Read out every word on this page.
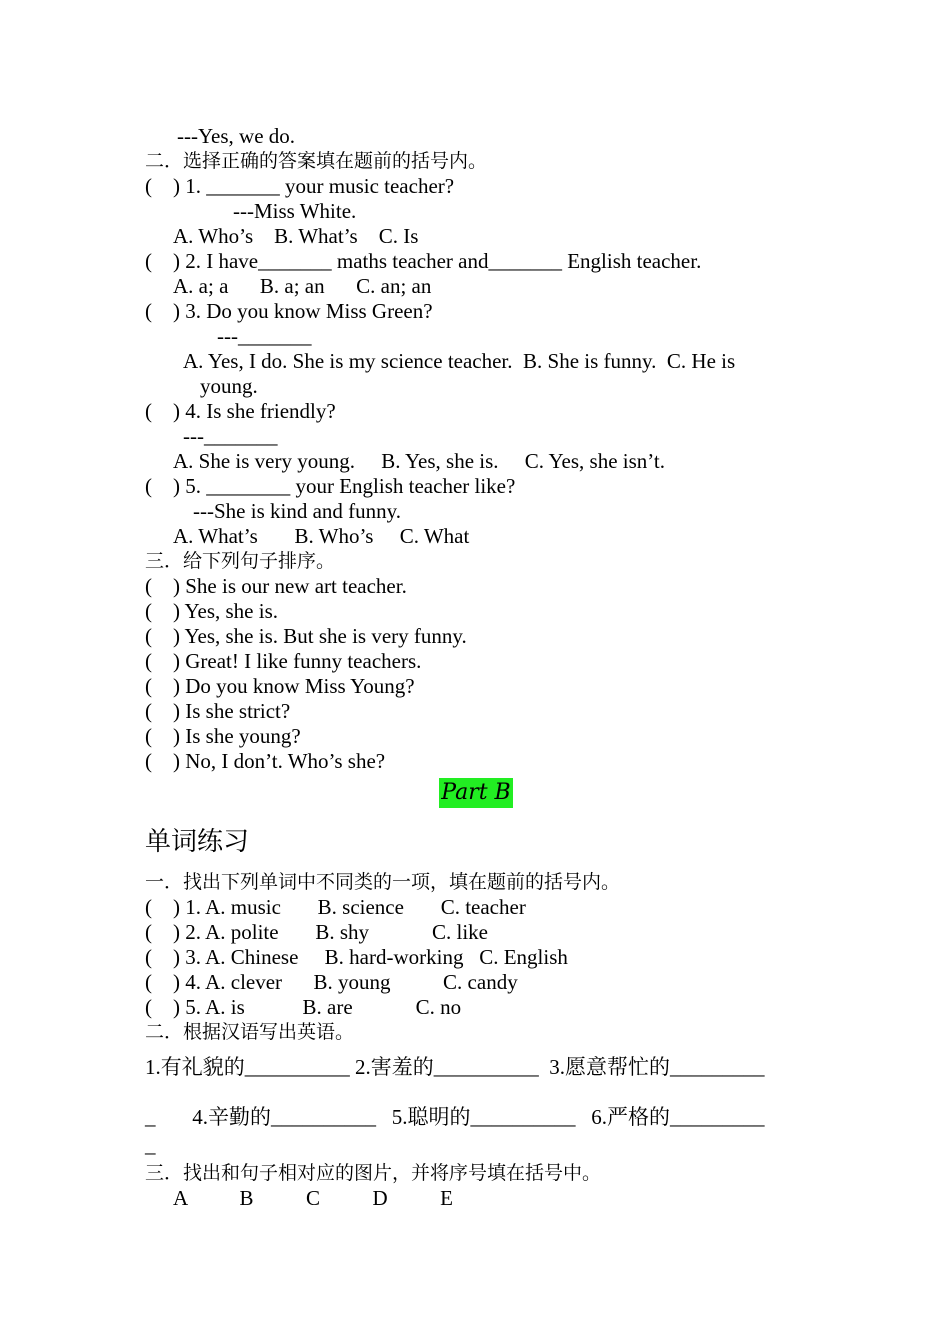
---Yes, we do.
二．选择正确的答案填在题前的括号内。
(    ) 1. _______ your music teacher?
---Miss White.
A. Who’s    B. What’s    C. Is
(    ) 2. I have_______ maths teacher and_______ English teacher.
A. a; a      B. a; an      C. an; an
(    ) 3. Do you know Miss Green?
---_______
A. Yes, I do. She is my science teacher.  B. She is funny.  C. He is
young.
(    ) 4. Is she friendly?
---_______
A. She is very young.     B. Yes, she is.     C. Yes, she isn’t.
(    ) 5. ________ your English teacher like?
---She is kind and funny.
A. What’s       B. Who’s     C. What
三．给下列句子排序。
(    ) She is our new art teacher.
(    ) Yes, she is.
(    ) Yes, she is. But she is very funny.
(    ) Great! I like funny teachers.
(    ) Do you know Miss Young?
(    ) Is she strict?
(    ) Is she young?
(    ) No, I don’t. Who’s she?
Part B
单词练习
一．找出下列单词中不同类的一项，填在题前的括号内。
(    ) 1. A. music       B. science       C. teacher
(    ) 2. A. polite       B. shy            C. like
(    ) 3. A. Chinese     B. hard-working   C. English
(    ) 4. A. clever      B. young          C. candy
(    ) 5. A. is           B. are            C. no
二．根据汉语写出英语。
1.有礼貌的__________ 2.害羞的__________  3.愿意帮忙的_________
_       4.辛勤的__________   5.聪明的__________   6.严格的_________
_
三．找出和句子相对应的图片，并将序号填在括号中。
A          B          C          D          E
